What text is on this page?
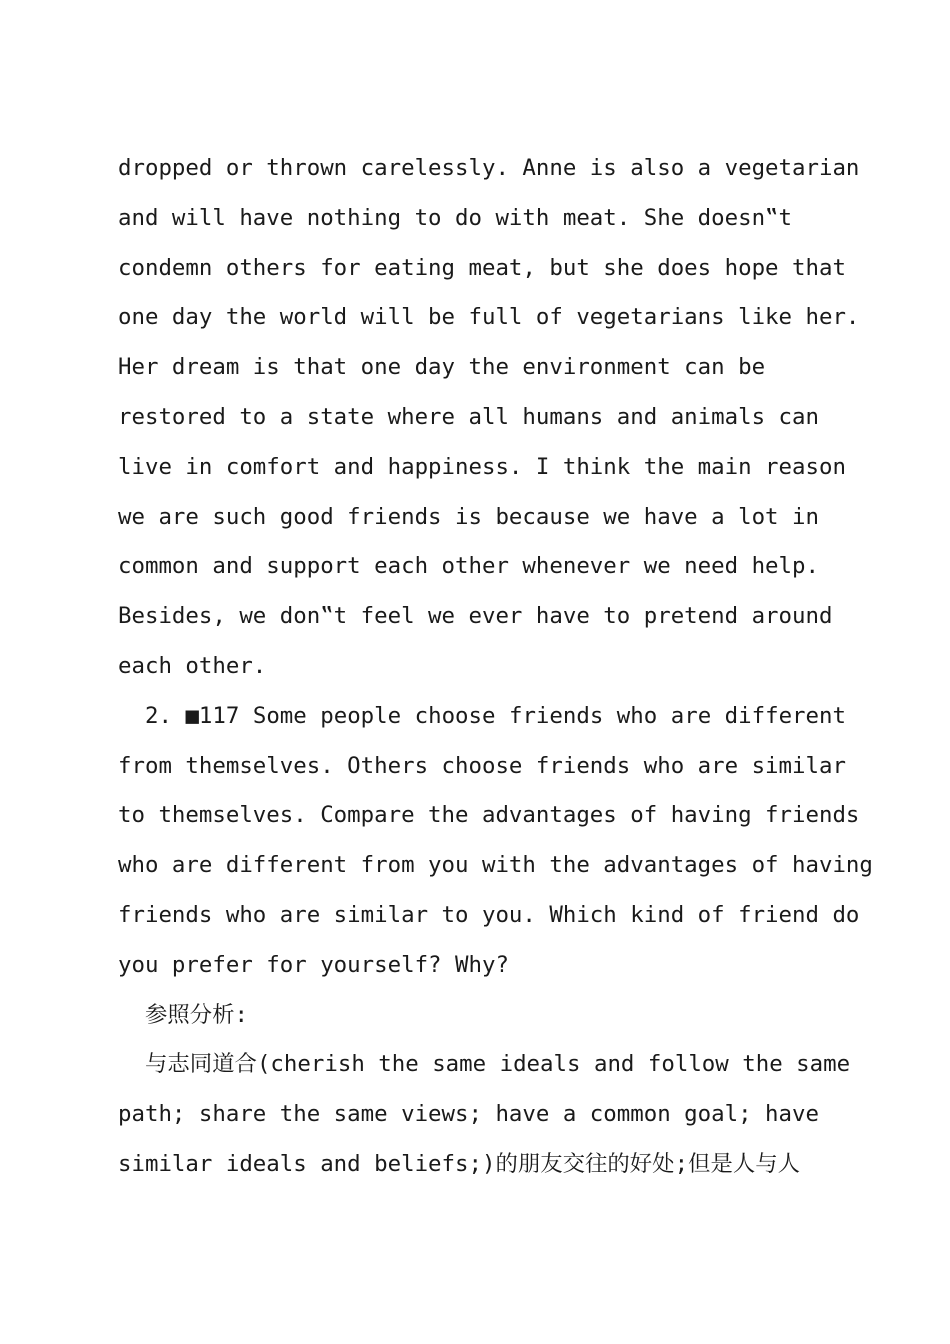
dropped or thrown carelessly. Anne is also a vegetarian
and will have nothing to do with meat. She doesn‟t
condemn others for eating meat, but she does hope that
one day the world will be full of vegetarians like her.
Her dream is that one day the environment can be
restored to a state where all humans and animals can
live in comfort and happiness. I think the main reason
we are such good friends is because we have a lot in
common and support each other whenever we need help.
Besides, we don‟t feel we ever have to pretend around
each other.
2. ■117 Some people choose friends who are different
from themselves. Others choose friends who are similar
to themselves. Compare the advantages of having friends
who are different from you with the advantages of having
friends who are similar to you. Which kind of friend do
you prefer for yourself? Why?
参照分析:
与志同道合(cherish the same ideals and follow the same
path; share the same views; have a common goal; have
similar ideals and beliefs;)的朋友交往的好处;但是人与人
